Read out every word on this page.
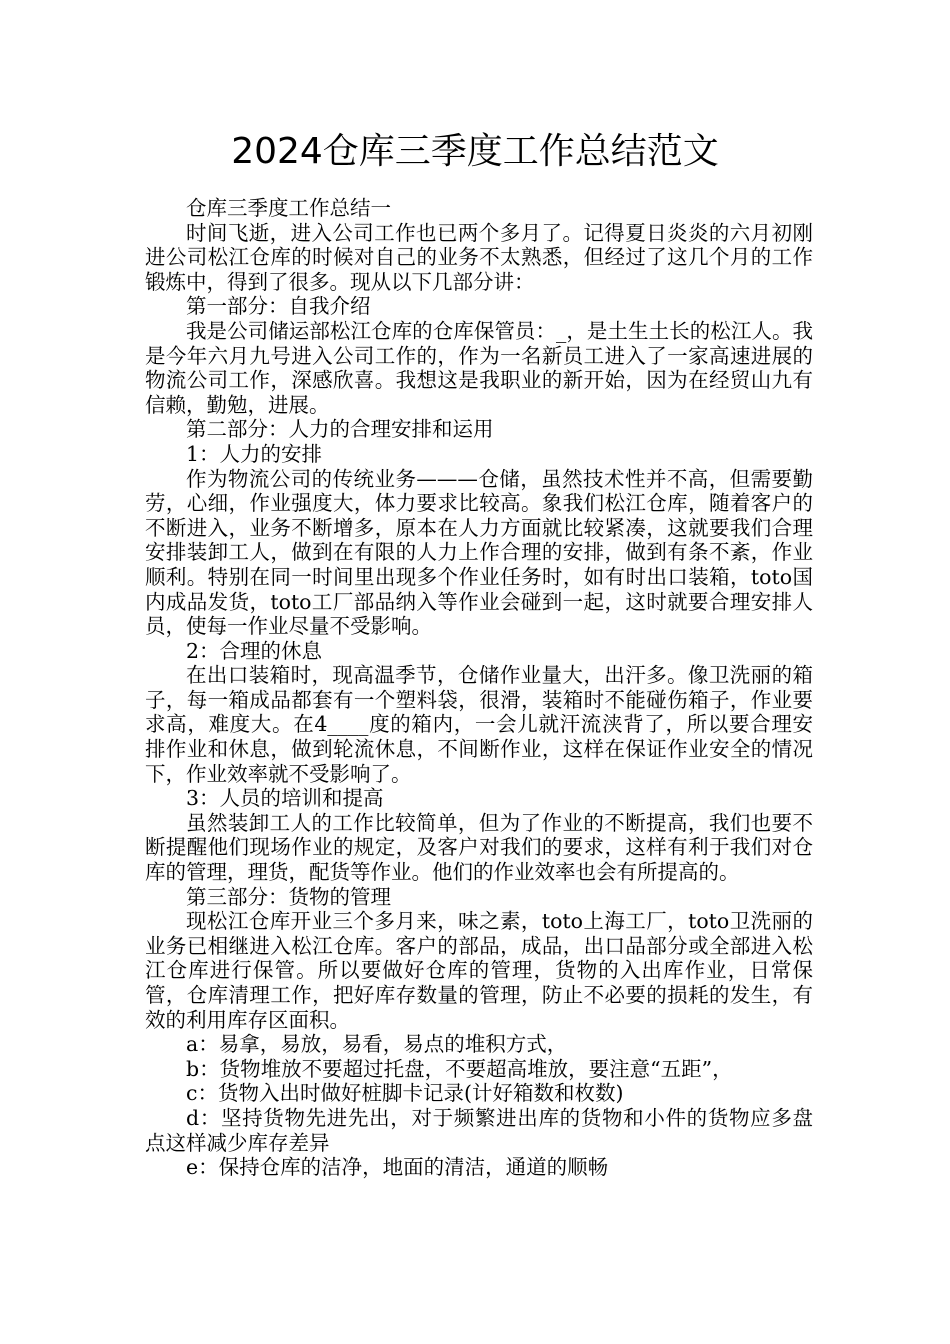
2024仓库三季度工作总结范文

仓库三季度工作总结一

时间飞逝，进入公司工作也已两个多月了。记得夏日炎炎的六月初刚进公司松江仓库的时候对自己的业务不太熟悉，但经过了这几个月的工作锻炼中，得到了很多。现从以下几部分讲：

第一部分：自我介绍

我是公司储运部松江仓库的仓库保管员：_，是土生土长的松江人。我是今年六月九号进入公司工作的，作为一名新员工进入了一家高速进展的物流公司工作，深感欣喜。我想这是我职业的新开始，因为在经贸山九有信赖，勤勉，进展。

第二部分：人力的合理安排和运用

1：人力的安排

作为物流公司的传统业务———仓储，虽然技术性并不高，但需要勤劳，心细，作业强度大，体力要求比较高。象我们松江仓库，随着客户的不断进入，业务不断增多，原本在人力方面就比较紧凑，这就要我们合理安排装卸工人，做到在有限的人力上作合理的安排，做到有条不紊，作业顺利。特别在同一时间里出现多个作业任务时，如有时出口装箱，toto国内成品发货，toto工厂部品纳入等作业会碰到一起，这时就要合理安排人员，使每一作业尽量不受影响。

2：合理的休息

在出口装箱时，现高温季节，仓储作业量大，出汗多。像卫洗丽的箱子，每一箱成品都套有一个塑料袋，很滑，装箱时不能碰伤箱子，作业要求高，难度大。在4____度的箱内，一会儿就汗流浃背了，所以要合理安排作业和休息，做到轮流休息，不间断作业，这样在保证作业安全的情况下，作业效率就不受影响了。

3：人员的培训和提高

虽然装卸工人的工作比较简单，但为了作业的不断提高，我们也要不断提醒他们现场作业的规定，及客户对我们的要求，这样有利于我们对仓库的管理，理货，配货等作业。他们的作业效率也会有所提高的。

第三部分：货物的管理

现松江仓库开业三个多月来，味之素，toto上海工厂，toto卫洗丽的业务已相继进入松江仓库。客户的部品，成品，出口品部分或全部进入松江仓库进行保管。所以要做好仓库的管理，货物的入出库作业，日常保管，仓库清理工作，把好库存数量的管理，防止不必要的损耗的发生，有效的利用库存区面积。

a：易拿，易放，易看，易点的堆积方式，

b：货物堆放不要超过托盘，不要超高堆放，要注意“五距”，

c：货物入出时做好桩脚卡记录(计好箱数和枚数)

d：坚持货物先进先出，对于频繁进出库的货物和小件的货物应多盘点这样减少库存差异

e：保持仓库的洁净，地面的清洁，通道的顺畅
